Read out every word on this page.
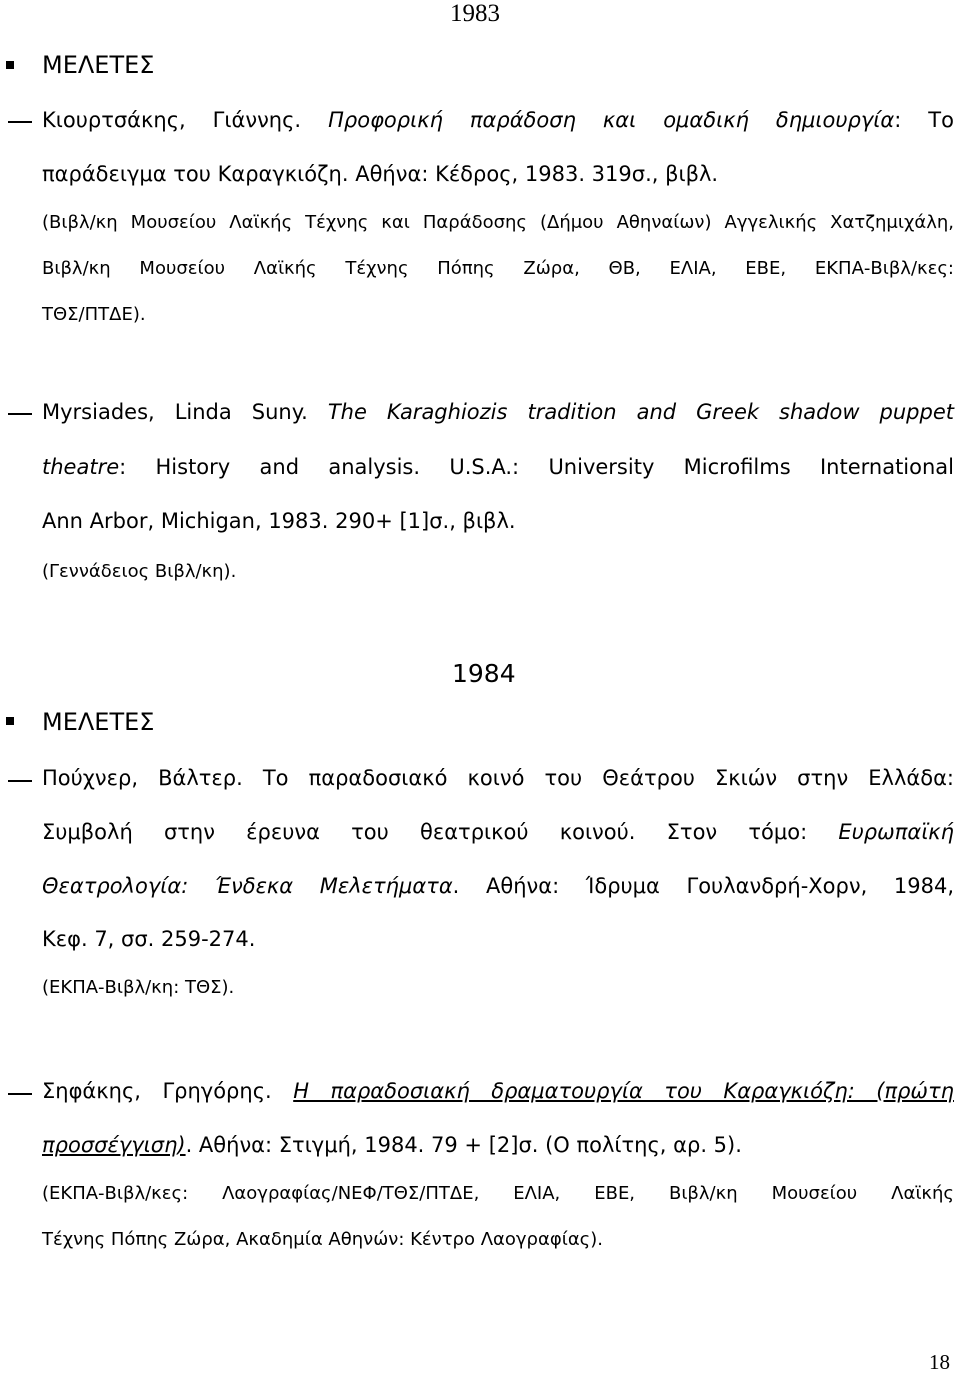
1983
ΜΕΛΕΤΕΣ
Κιουρτσάκης, Γιάννης. Προφορική παράδοση και ομαδική δημιουργία: Το
παράδειγμα του Καραγκιόζη. Αθήνα: Κέδρος, 1983. 319σ., βιβλ.
(Βιβλ/κη Μουσείου Λαϊκής Τέχνης και Παράδοσης (Δήμου Αθηναίων) Αγγελικής Χατζημιχάλη,
Βιβλ/κη Μουσείου Λαϊκής Τέχνης Πόπης Ζώρα, ΘΒ, ΕΛΙΑ, ΕΒΕ, ΕΚΠΑ-Βιβλ/κες:
ΤΘΣ/ΠΤΔΕ).
Myrsiades, Linda Suny. The Karaghiozis tradition and Greek shadow puppet
theatre: History and analysis. U.S.A.: University Microfilms International
Ann Arbor, Michigan, 1983. 290+ [1]σ., βιβλ.
(Γεννάδειος Βιβλ/κη).
1984
ΜΕΛΕΤΕΣ
Πούχνερ, Βάλτερ. Το παραδοσιακό κοινό του Θεάτρου Σκιών στην Ελλάδα:
Συμβολή στην έρευνα του θεατρικού κοινού. Στον τόμο: Ευρωπαϊκή
Θεατρολογία: Ένδεκα Μελετήματα. Αθήνα: Ίδρυμα Γουλανδρή-Χορν, 1984,
Κεφ. 7, σσ. 259-274.
(ΕΚΠΑ-Βιβλ/κη: ΤΘΣ).
Σηφάκης, Γρηγόρης. Η παραδοσιακή δραματουργία του Καραγκιόζη: (πρώτη
προσσέγγιση). Αθήνα: Στιγμή, 1984. 79 + [2]σ. (Ο πολίτης, αρ. 5).
(ΕΚΠΑ-Βιβλ/κες: Λαογραφίας/ΝΕΦ/ΤΘΣ/ΠΤΔΕ, ΕΛΙΑ, ΕΒΕ, Βιβλ/κη Μουσείου Λαϊκής
Τέχνης Πόπης Ζώρα, Ακαδημία Αθηνών: Κέντρο Λαογραφίας).
18
